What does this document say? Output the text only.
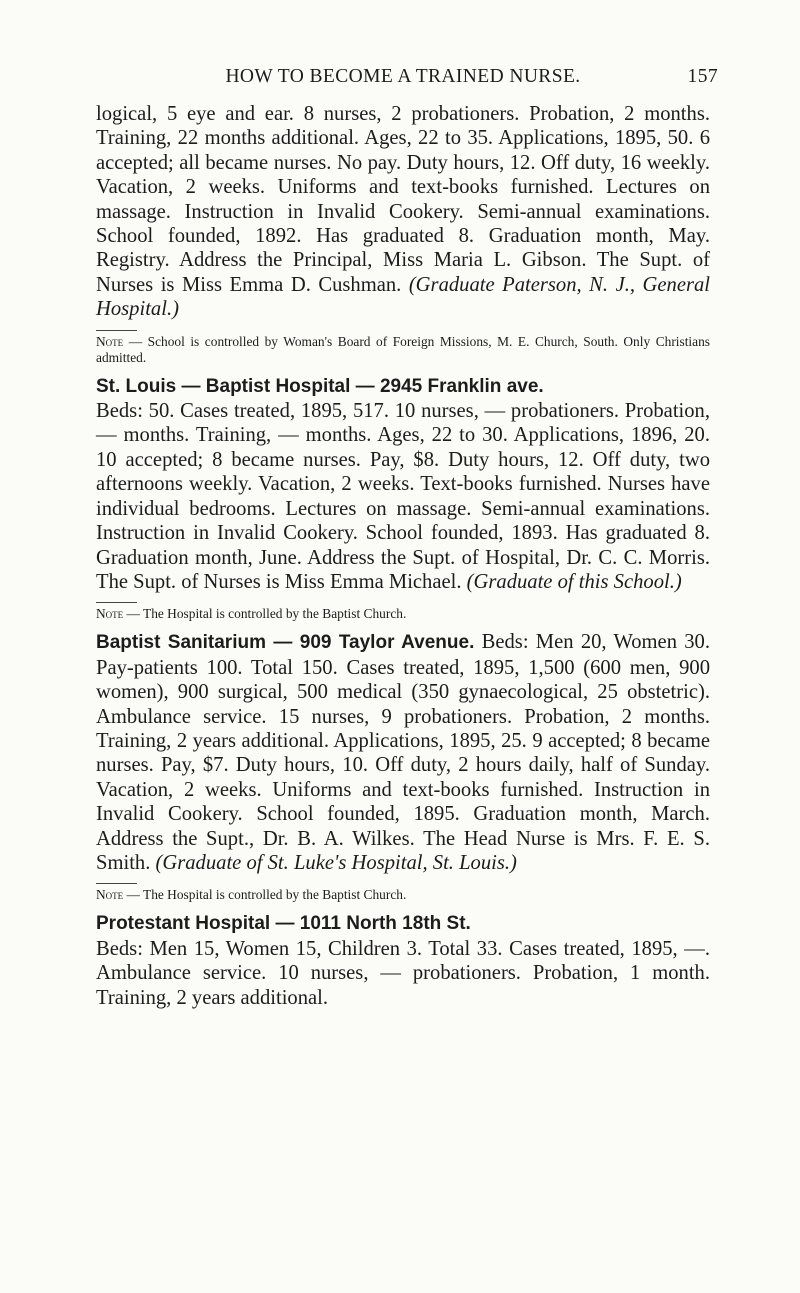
HOW TO BECOME A TRAINED NURSE.	157

logical, 5 eye and ear. 8 nurses, 2 probationers. Probation, 2 months. Training, 22 months additional. Ages, 22 to 35. Applications, 1895, 50. 6 accepted; all became nurses. No pay. Duty hours, 12. Off duty, 16 weekly. Vacation, 2 weeks. Uniforms and text-books furnished. Lectures on massage. Instruction in Invalid Cookery. Semi-annual examinations. School founded, 1892. Has graduated 8. Graduation month, May. Registry. Address the Principal, Miss Maria L. Gibson. The Supt. of Nurses is Miss Emma D. Cushman. (Graduate Paterson, N. J., General Hospital.)

Note — School is controlled by Woman's Board of Foreign Missions, M. E. Church, South. Only Christians admitted.

St. Louis — Baptist Hospital — 2945 Franklin ave.
Beds: 50. Cases treated, 1895, 517. 10 nurses, — probationers. Probation, — months. Training, — months. Ages, 22 to 30. Applications, 1896, 20. 10 accepted; 8 became nurses. Pay, $8. Duty hours, 12. Off duty, two afternoons weekly. Vacation, 2 weeks. Text-books furnished. Nurses have individual bedrooms. Lectures on massage. Semi-annual examinations. Instruction in Invalid Cookery. School founded, 1893. Has graduated 8. Graduation month, June. Address the Supt. of Hospital, Dr. C. C. Morris. The Supt. of Nurses is Miss Emma Michael. (Graduate of this School.)

Note — The Hospital is controlled by the Baptist Church.

Baptist Sanitarium — 909 Taylor Avenue. Beds: Men 20, Women 30. Pay-patients 100. Total 150. Cases treated, 1895, 1,500 (600 men, 900 women), 900 surgical, 500 medical (350 gynaecological, 25 obstetric). Ambulance service. 15 nurses, 9 probationers. Probation, 2 months. Training, 2 years additional. Applications, 1895, 25. 9 accepted; 8 became nurses. Pay, $7. Duty hours, 10. Off duty, 2 hours daily, half of Sunday. Vacation, 2 weeks. Uniforms and text-books furnished. Instruction in Invalid Cookery. School founded, 1895. Graduation month, March. Address the Supt., Dr. B. A. Wilkes. The Head Nurse is Mrs. F. E. S. Smith. (Graduate of St. Luke's Hospital, St. Louis.)

Note — The Hospital is controlled by the Baptist Church.

Protestant Hospital — 1011 North 18th St.
Beds: Men 15, Women 15, Children 3. Total 33. Cases treated, 1895, —. Ambulance service. 10 nurses, — probationers. Probation, 1 month. Training, 2 years additional.
